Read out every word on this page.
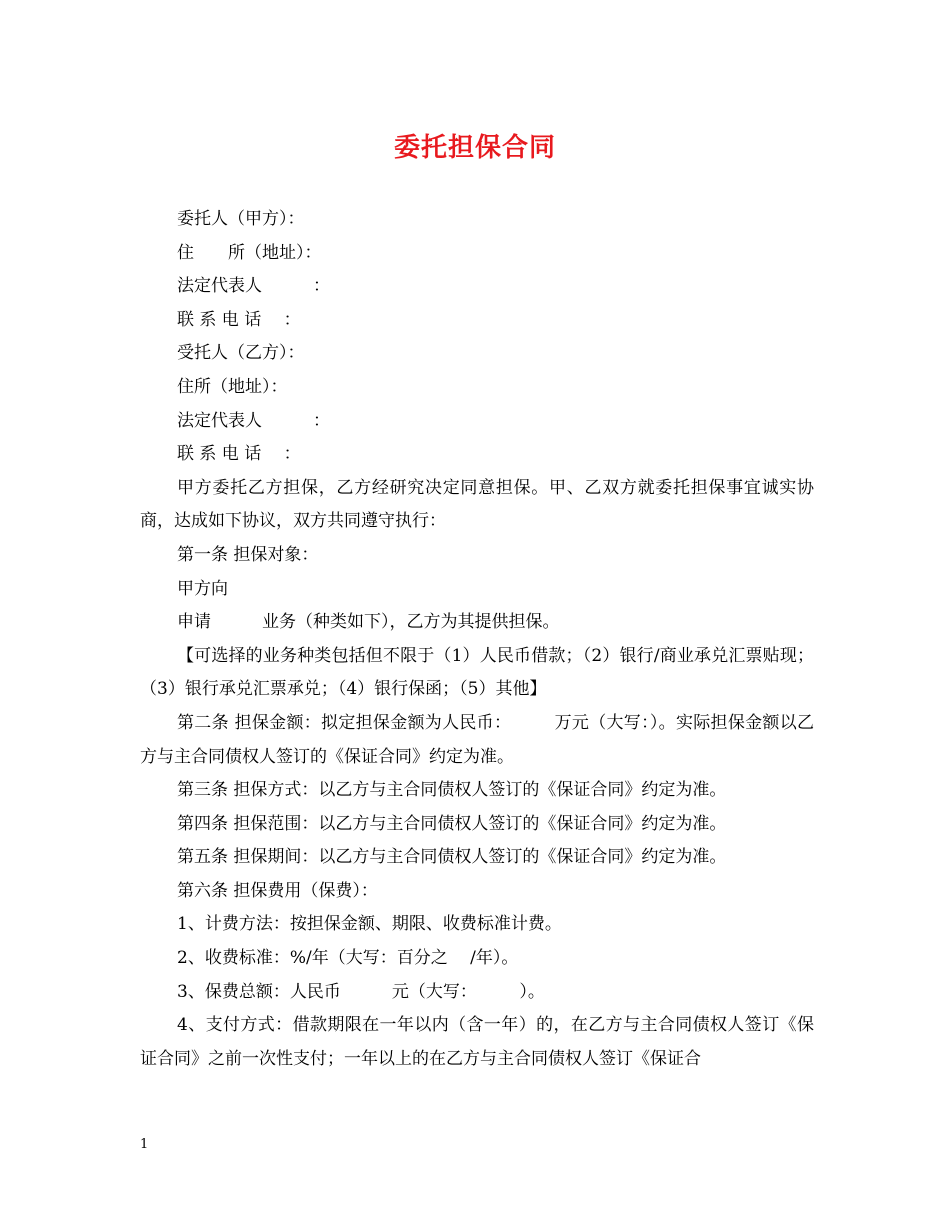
委托担保合同

委托人（甲方）：

住　　所（地址）：

法定代表人　　　：

联 系 电 话　 ：

受托人（乙方）：

住所（地址）：

法定代表人　　　：

联 系 电 话　 ：

甲方委托乙方担保，乙方经研究决定同意担保。甲、乙双方就委托担保事宜诚实协商，达成如下协议，双方共同遵守执行：

第一条 担保对象：

甲方向

申请　　　业务（种类如下），乙方为其提供担保。

【可选择的业务种类包括但不限于（1）人民币借款；（2）银行/商业承兑汇票贴现；（3）银行承兑汇票承兑；（4）银行保函；（5）其他】

第二条 担保金额：拟定担保金额为人民币：　　　万元（大写：）。实际担保金额以乙方与主合同债权人签订的《保证合同》约定为准。

第三条 担保方式：以乙方与主合同债权人签订的《保证合同》约定为准。

第四条 担保范围：以乙方与主合同债权人签订的《保证合同》约定为准。

第五条 担保期间：以乙方与主合同债权人签订的《保证合同》约定为准。

第六条 担保费用（保费）：

1、计费方法：按担保金额、期限、收费标准计费。

2、收费标准：%/年（大写：百分之　 /年）。

3、保费总额：人民币　　　元（大写：　　　）。

4、支付方式：借款期限在一年以内（含一年）的，在乙方与主合同债权人签订《保证合同》之前一次性支付；一年以上的在乙方与主合同债权人签订《保证合

1
